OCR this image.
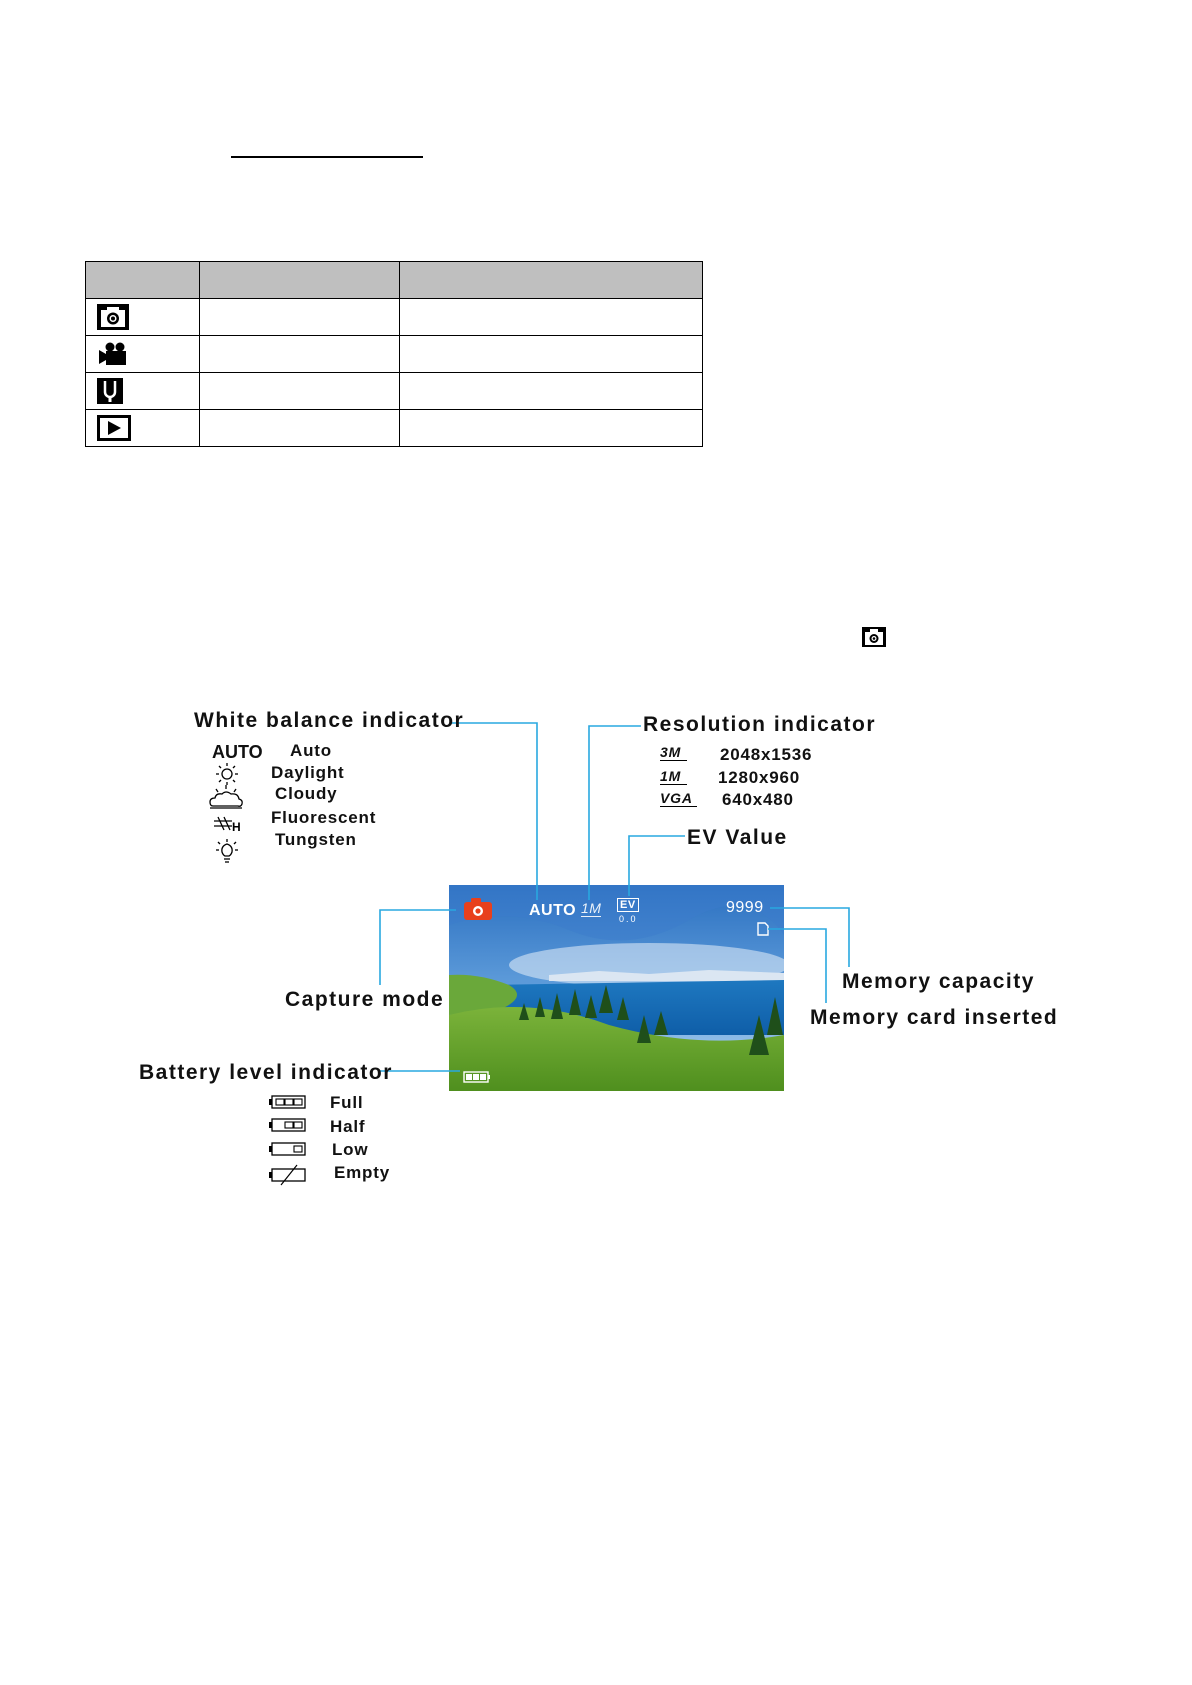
AUTO 1M EV
0.0
9999
White balance indicator
AUTO Auto
Daylight
Cloudy
H Fluorescent
Tungsten
Resolution indicator
3M	2048x1536
1M	1280x960
VGA 640x480
EV Value
Capture mode
Memory capacity
Memory card inserted
Battery level indicator
Full
Half
Low
Empty
